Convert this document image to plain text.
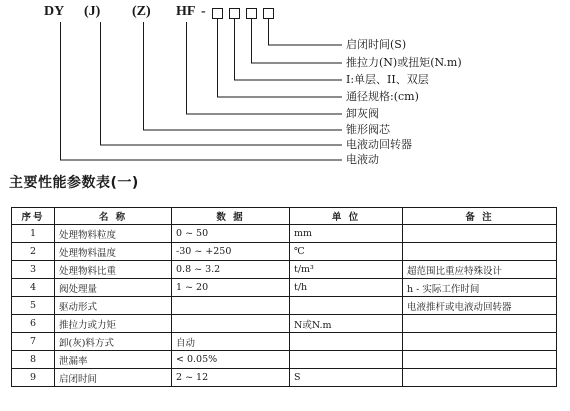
DY (J) (Z) HF -
启闭时间(S)
推拉力(N)或扭矩(N.m)
I:单层、II、双层
通径规格:(cm)
卸灰阀
锥形阀芯
电液动回转器
电液动
主要性能参数表(一)
序号	名 称	数 据	单 位	备 注
1	处理物料粒度	0 ~ 50	mm	
2	处理物料温度	-30 ~ +250	℃	
3	处理物料比重	0.8 ~ 3.2	t/m³	超范围比重应特殊设计
4	阀处理量	1 ~ 20	t/h	h - 实际工作时间
5	驱动形式			电液推杆或电液动回转器
6	推拉力或力矩		N或N.m	
7	卸(灰)料方式	自动		
8	泄漏率	< 0.05%		
9	启闭时间	2 ~ 12	S	
